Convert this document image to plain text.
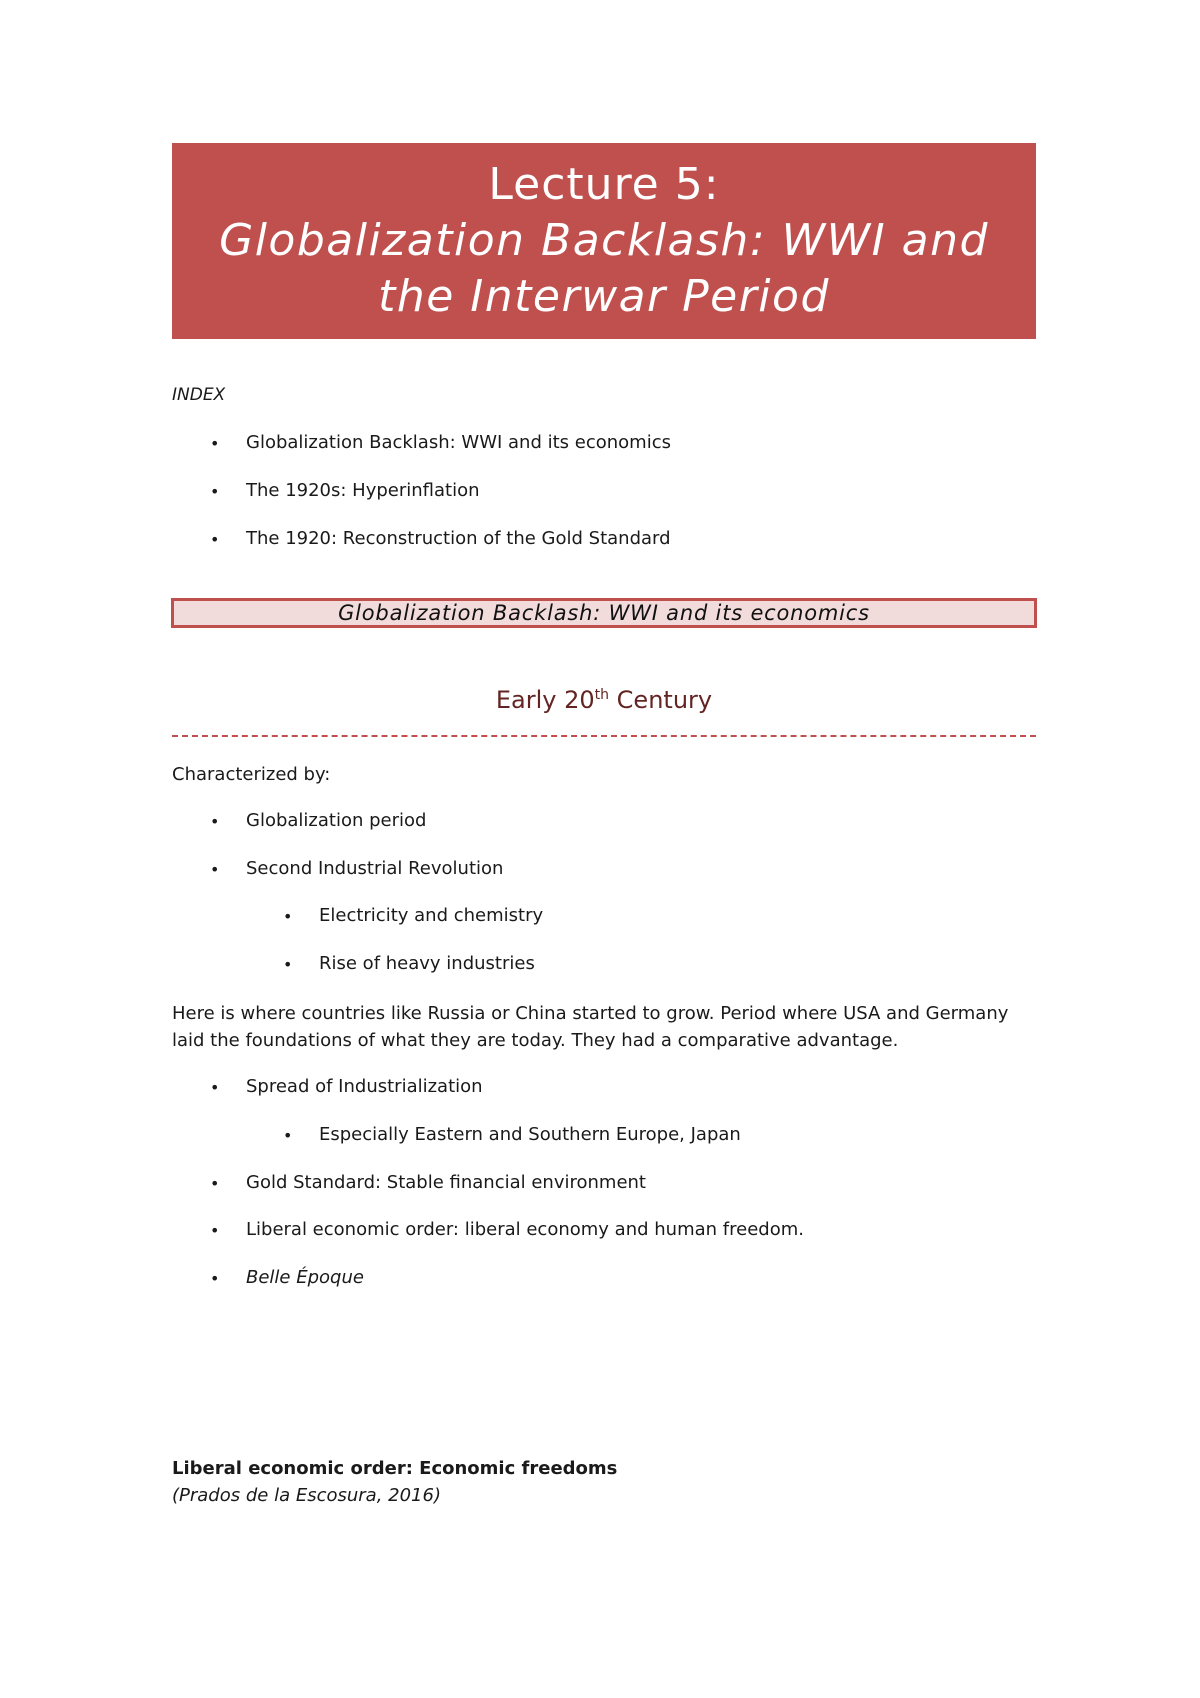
Lecture 5:
Globalization Backlash: WWI and
the Interwar Period
INDEX
• Globalization Backlash: WWI and its economics
• The 1920s: Hyperinflation
• The 1920: Reconstruction of the Gold Standard
Globalization Backlash: WWI and its economics
Early 20th Century
Characterized by:
• Globalization period
• Second Industrial Revolution
• Electricity and chemistry
• Rise of heavy industries
Here is where countries like Russia or China started to grow. Period where USA and Germany
laid the foundations of what they are today. They had a comparative advantage.
• Spread of Industrialization
• Especially Eastern and Southern Europe, Japan
• Gold Standard: Stable financial environment
• Liberal economic order: liberal economy and human freedom.
• Belle Époque
Liberal economic order: Economic freedoms
(Prados de la Escosura, 2016)
